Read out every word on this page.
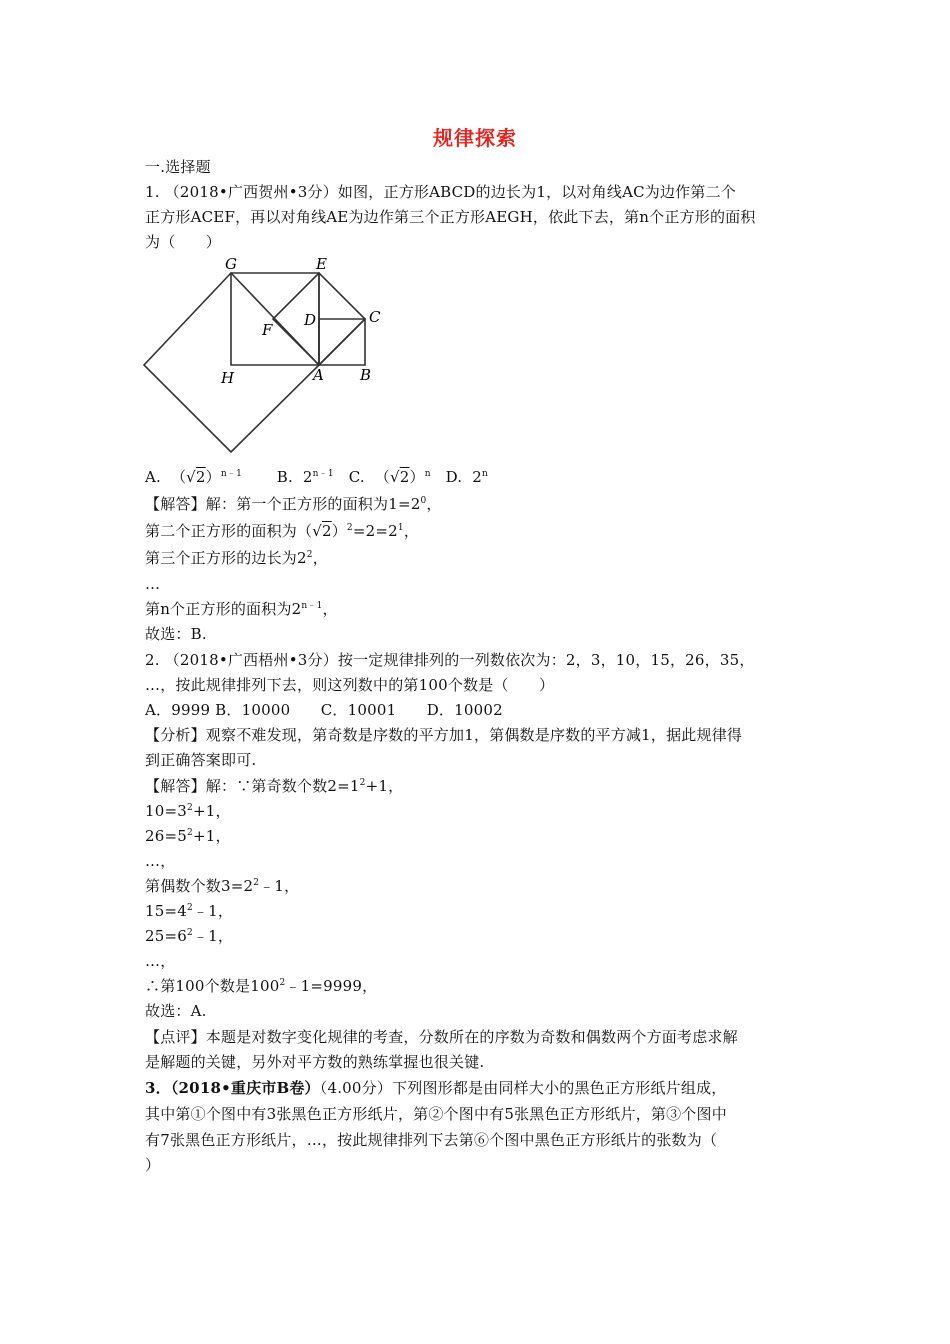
规律探索
一.选择题
1. （2018•广西贺州•3分）如图，正方形ABCD的边长为1，以对角线AC为边作第二个
正方形ACEF，再以对角线AE为边作第三个正方形AEGH，依此下去，第n个正方形的面积
为（　　）
G	E
F
D	C
H	A B
A. $(√2)^{n﹣1}$ B. $2^{n﹣1}$ C. $(√2)^n$ D. 2$^n$
【解答】解：第一个正方形的面积为$1=2^0$，
第二个正方形的面积为$(√2)^2=2=2^1$，
第三个正方形的边长为$2^2$，
…
第n个正方形的面积为$2^{n﹣1}$，
故选：B.
2. （2018•广西梧州•3分）按一定规律排列的一列数依次为：2，3，10，15，26，35，
…，按此规律排列下去，则这列数中的第100个数是（　　）
A．9999 B．10000　　C．10001　　D．10002
【分析】观察不难发现，第奇数是序数的平方加1，第偶数是序数的平方减1，据此规律得
到正确答案即可.
【解答】解：∵第奇数个数$2=1^2+1$，
$10=3^2+1$，
$26=5^2+1$，
…，
第偶数个数$3=2^2﹣1$，
$15=4^2﹣1$，
$25=6^2﹣1$，
…，
∴第100个数是$100^2﹣1=9999$，
故选：A.
【点评】本题是对数字变化规律的考查，分数所在的序数为奇数和偶数两个方面考虑求解
是解题的关键，另外对平方数的熟练掌握也很关键.
3．（2018•重庆市B卷）（4.00分）下列图形都是由同样大小的黑色正方形纸片组成，
其中第①个图中有3张黑色正方形纸片，第②个图中有5张黑色正方形纸片，第③个图中
有7张黑色正方形纸片，…，按此规律排列下去第⑥个图中黑色正方形纸片的张数为（
）
